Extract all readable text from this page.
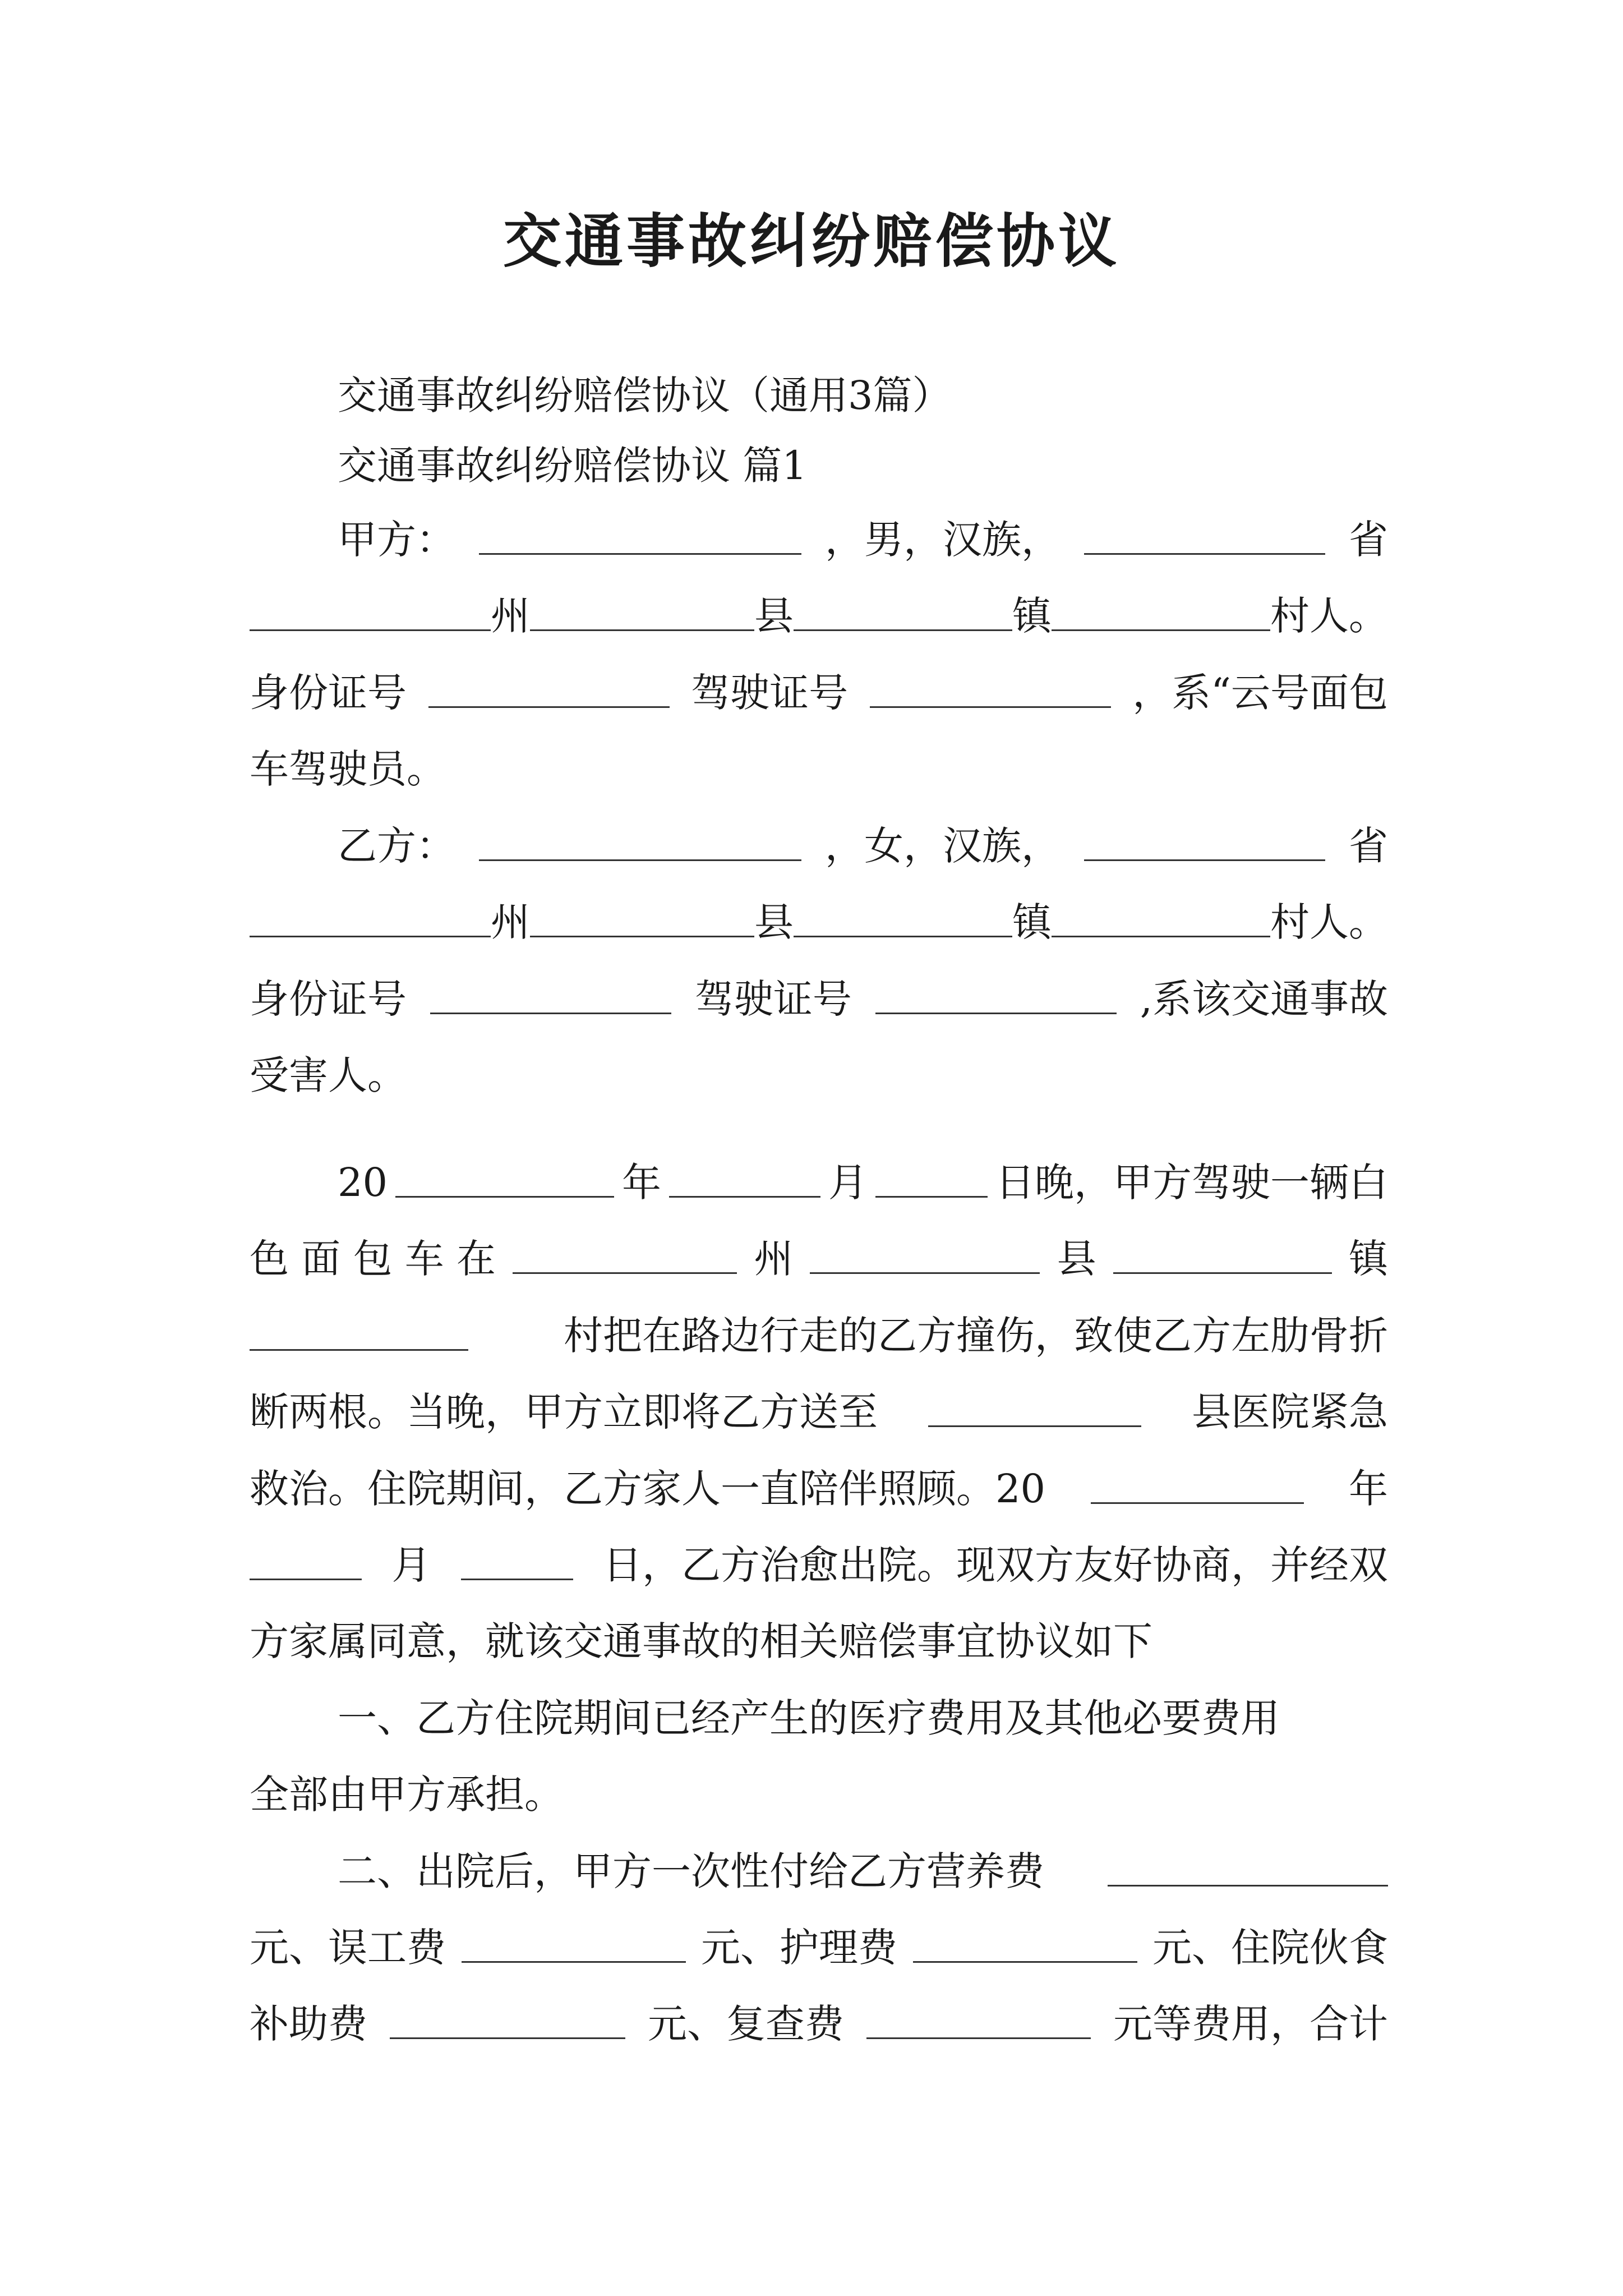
交通事故纠纷赔偿协议
交通事故纠纷赔偿协议（通用3篇）
交通事故纠纷赔偿协议 篇1
甲方：	，男，汉族，	省
州	县	镇	村人。
身份证号	驾驶证号	，系“云号面包
车驾驶员。
乙方：	，女，汉族，	省
州	县	镇	村人。
身份证号	驾驶证号	,系该交通事故
受害人。
20	年	月	日晚，甲方驾驶一辆白
色 面 包 车 在	州	县	镇
村把在路边行走的乙方撞伤，致使乙方左肋骨折
断两根。当晚，甲方立即将乙方送至	县医院紧急
救治。住院期间，乙方家人一直陪伴照顾。20	年
月	日，乙方治愈出院。现双方友好协商，并经双
方家属同意，就该交通事故的相关赔偿事宜协议如下
一、乙方住院期间已经产生的医疗费用及其他必要费用
全部由甲方承担。
二、出院后，甲方一次性付给乙方营养费
元、误工费	元、护理费	元、住院伙食
补助费	元、复查费	元等费用，合计
